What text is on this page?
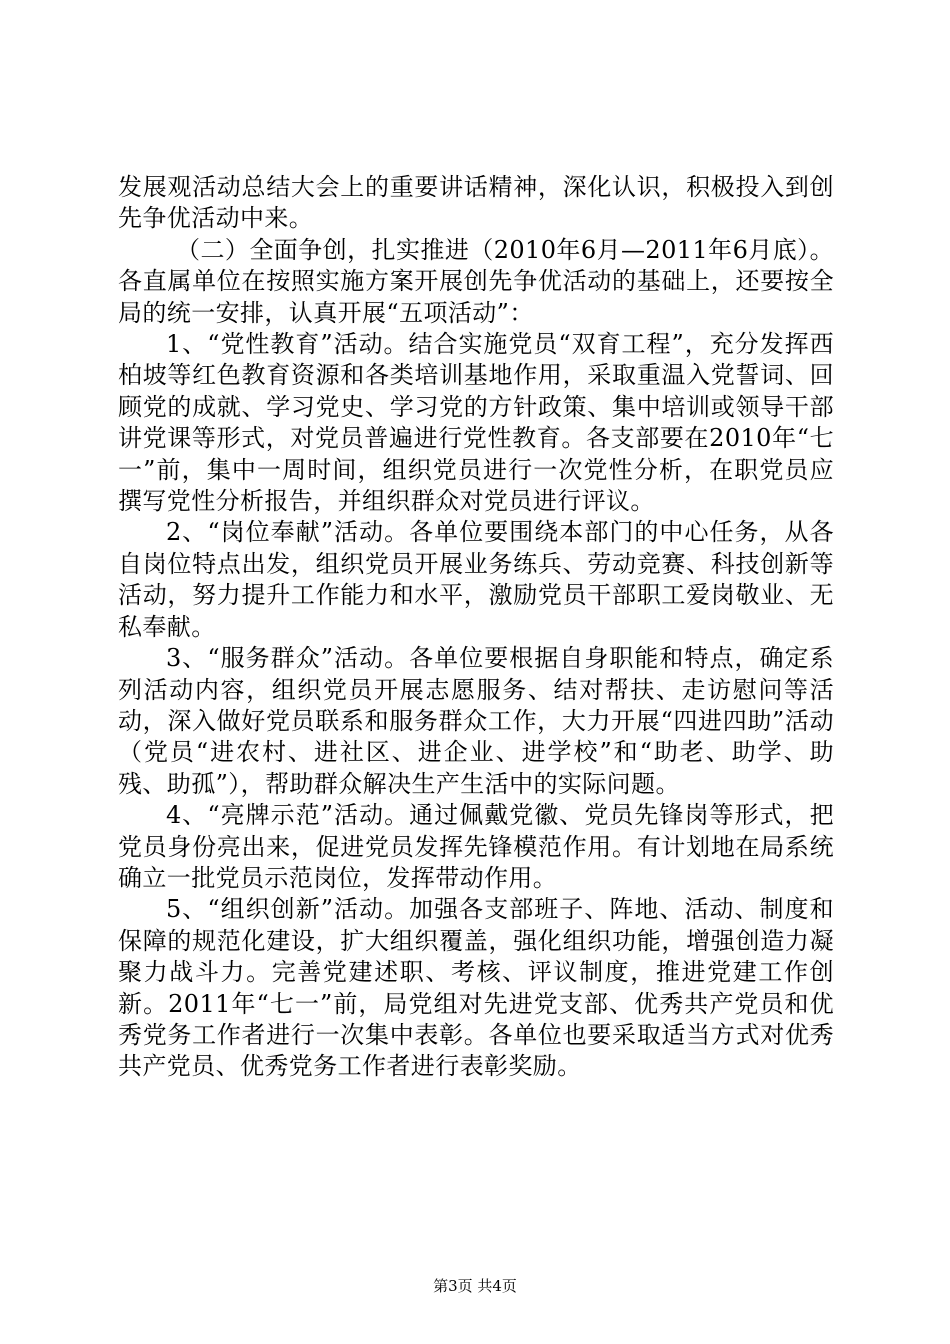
发展观活动总结大会上的重要讲话精神，深化认识，积极投入到创先争优活动中来。

（二）全面争创，扎实推进（2010年6月—2011年6月底）。各直属单位在按照实施方案开展创先争优活动的基础上，还要按全局的统一安排，认真开展“五项活动”：

1、“党性教育”活动。结合实施党员“双育工程”，充分发挥西柏坡等红色教育资源和各类培训基地作用，采取重温入党誓词、回顾党的成就、学习党史、学习党的方针政策、集中培训或领导干部讲党课等形式，对党员普遍进行党性教育。各支部要在2010年“七一”前，集中一周时间，组织党员进行一次党性分析，在职党员应撰写党性分析报告，并组织群众对党员进行评议。

2、“岗位奉献”活动。各单位要围绕本部门的中心任务，从各自岗位特点出发，组织党员开展业务练兵、劳动竞赛、科技创新等活动，努力提升工作能力和水平，激励党员干部职工爱岗敬业、无私奉献。

3、“服务群众”活动。各单位要根据自身职能和特点，确定系列活动内容，组织党员开展志愿服务、结对帮扶、走访慰问等活动，深入做好党员联系和服务群众工作，大力开展“四进四助”活动（党员“进农村、进社区、进企业、进学校”和“助老、助学、助残、助孤”），帮助群众解决生产生活中的实际问题。

4、“亮牌示范”活动。通过佩戴党徽、党员先锋岗等形式，把党员身份亮出来，促进党员发挥先锋模范作用。有计划地在局系统确立一批党员示范岗位，发挥带动作用。

5、“组织创新”活动。加强各支部班子、阵地、活动、制度和保障的规范化建设，扩大组织覆盖，强化组织功能，增强创造力凝聚力战斗力。完善党建述职、考核、评议制度，推进党建工作创新。2011年“七一”前，局党组对先进党支部、优秀共产党员和优秀党务工作者进行一次集中表彰。各单位也要采取适当方式对优秀共产党员、优秀党务工作者进行表彰奖励。

第3页 共4页
